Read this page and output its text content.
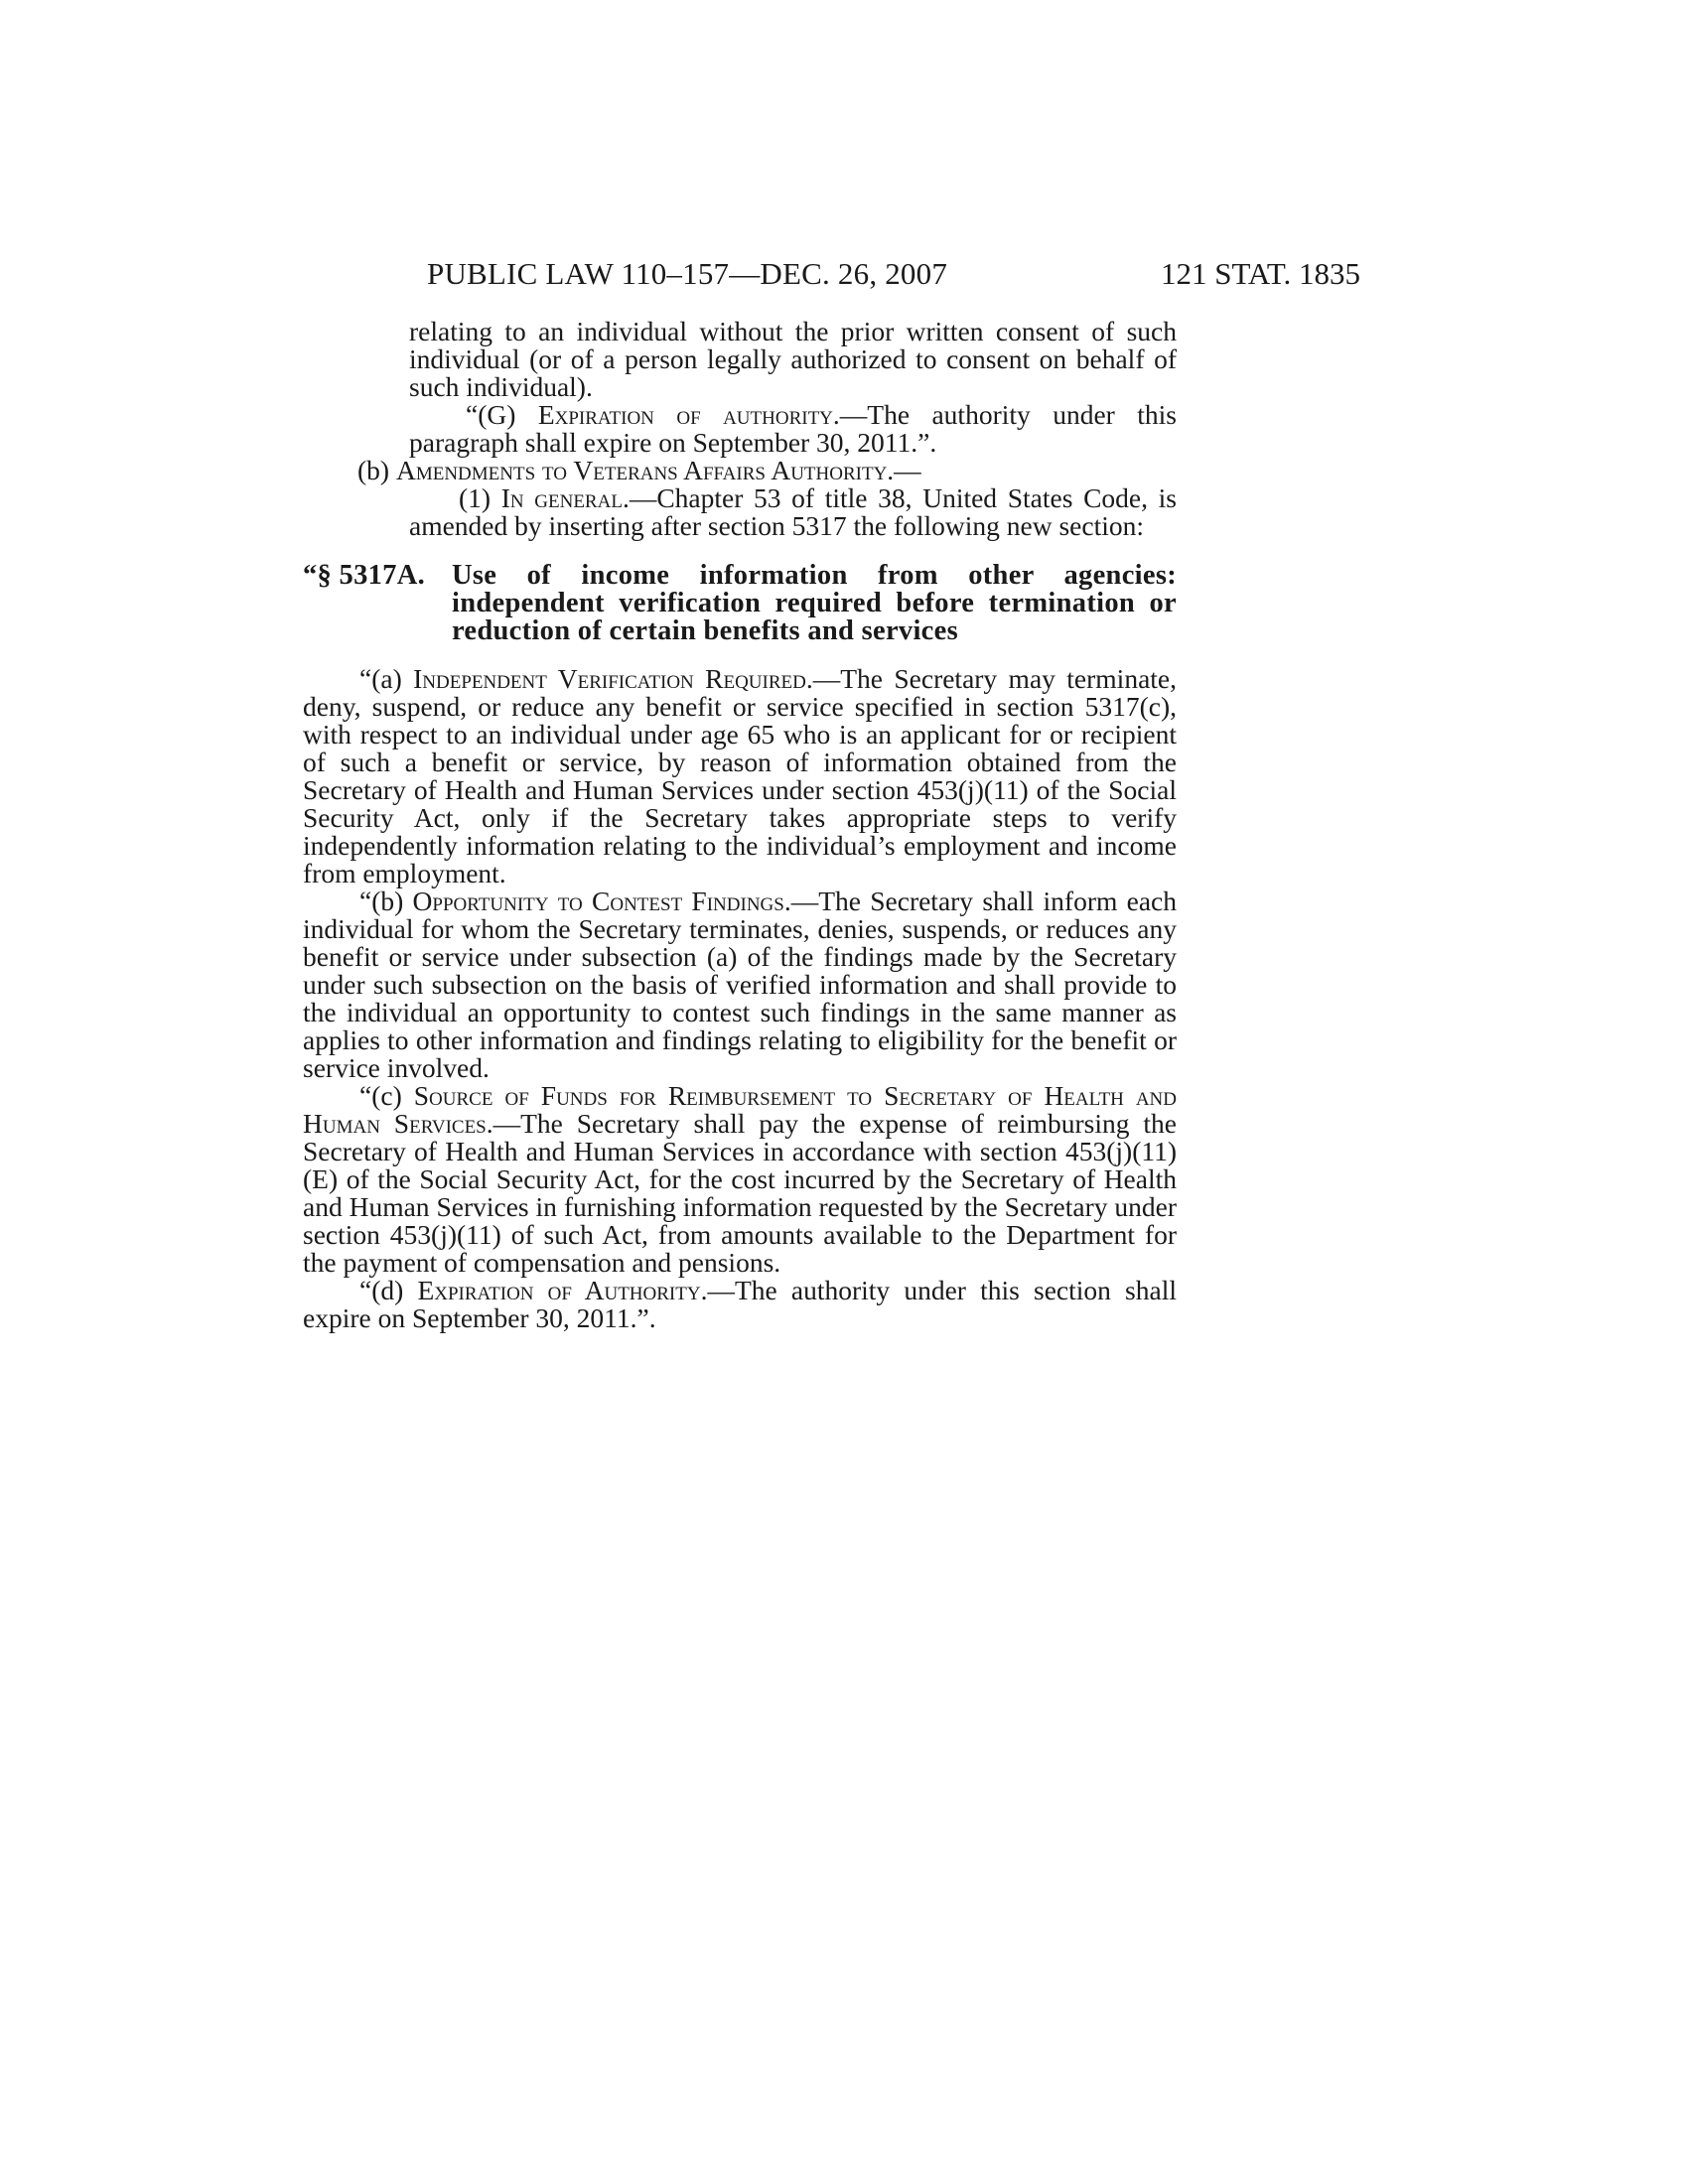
PUBLIC LAW 110–157—DEC. 26, 2007	121 STAT. 1835

relating to an individual without the prior written consent of such individual (or of a person legally authorized to consent on behalf of such individual).

“(G) Expiration of authority.—The authority under this paragraph shall expire on September 30, 2011.”.

(b) Amendments to Veterans Affairs Authority.—

(1) In general.—Chapter 53 of title 38, United States Code, is amended by inserting after section 5317 the following new section:

“§ 5317A. Use of income information from other agencies: independent verification required before termination or reduction of certain benefits and services

“(a) Independent Verification Required.—The Secretary may terminate, deny, suspend, or reduce any benefit or service specified in section 5317(c), with respect to an individual under age 65 who is an applicant for or recipient of such a benefit or service, by reason of information obtained from the Secretary of Health and Human Services under section 453(j)(11) of the Social Security Act, only if the Secretary takes appropriate steps to verify independently information relating to the individual’s employment and income from employment.

“(b) Opportunity to Contest Findings.—The Secretary shall inform each individual for whom the Secretary terminates, denies, suspends, or reduces any benefit or service under subsection (a) of the findings made by the Secretary under such subsection on the basis of verified information and shall provide to the individual an opportunity to contest such findings in the same manner as applies to other information and findings relating to eligibility for the benefit or service involved.

“(c) Source of Funds for Reimbursement to Secretary of Health and Human Services.—The Secretary shall pay the expense of reimbursing the Secretary of Health and Human Services in accordance with section 453(j)(11)(E) of the Social Security Act, for the cost incurred by the Secretary of Health and Human Services in furnishing information requested by the Secretary under section 453(j)(11) of such Act, from amounts available to the Department for the payment of compensation and pensions.

“(d) Expiration of Authority.—The authority under this section shall expire on September 30, 2011.”.
